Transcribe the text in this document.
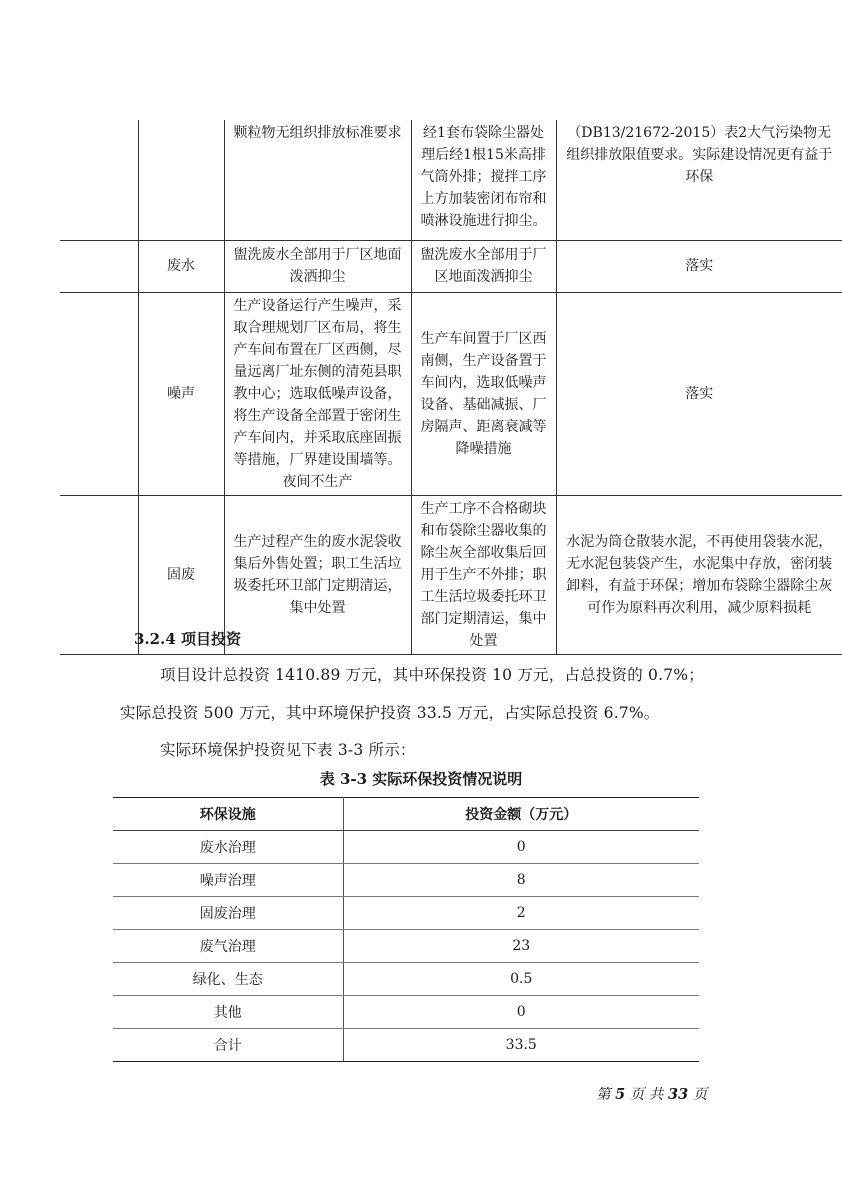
		颗粒物无组织排放标准要求	经1套布袋除尘器处理后经1根15米高排气筒外排；搅拌工序上方加装密闭布帘和喷淋设施进行抑尘。	（DB13/21672-2015）表2大气污染物无组织排放限值要求。实际建设情况更有益于环保
	废水	盥洗废水全部用于厂区地面泼洒抑尘	盥洗废水全部用于厂区地面泼洒抑尘	落实
	噪声	生产设备运行产生噪声，采取合理规划厂区布局，将生产车间布置在厂区西侧，尽量远离厂址东侧的清苑县职教中心；选取低噪声设备，将生产设备全部置于密闭生产车间内，并采取底座固振等措施，厂界建设围墙等。夜间不生产	生产车间置于厂区西南侧，生产设备置于车间内，选取低噪声设备、基础减振、厂房隔声、距离衰减等降噪措施	落实
	固废	生产过程产生的废水泥袋收集后外售处置；职工生活垃圾委托环卫部门定期清运，集中处置	生产工序不合格砌块和布袋除尘器收集的除尘灰全部收集后回用于生产不外排；职工生活垃圾委托环卫部门定期清运，集中处置	水泥为筒仓散装水泥，不再使用袋装水泥，无水泥包装袋产生，水泥集中存放，密闭装卸料，有益于环保；增加布袋除尘器除尘灰可作为原料再次利用，减少原料损耗
3.2.4 项目投资
项目设计总投资 1410.89 万元，其中环保投资 10 万元，占总投资的 0.7%；
实际总投资 500 万元，其中环境保护投资 33.5 万元，占实际总投资 6.7%。
实际环境保护投资见下表 3-3 所示：
表 3-3 实际环保投资情况说明
环保设施	投资金额（万元）
废水治理	0
噪声治理	8
固废治理	2
废气治理	23
绿化、生态	0.5
其他	0
合计	33.5
第 5 页 共 33 页
